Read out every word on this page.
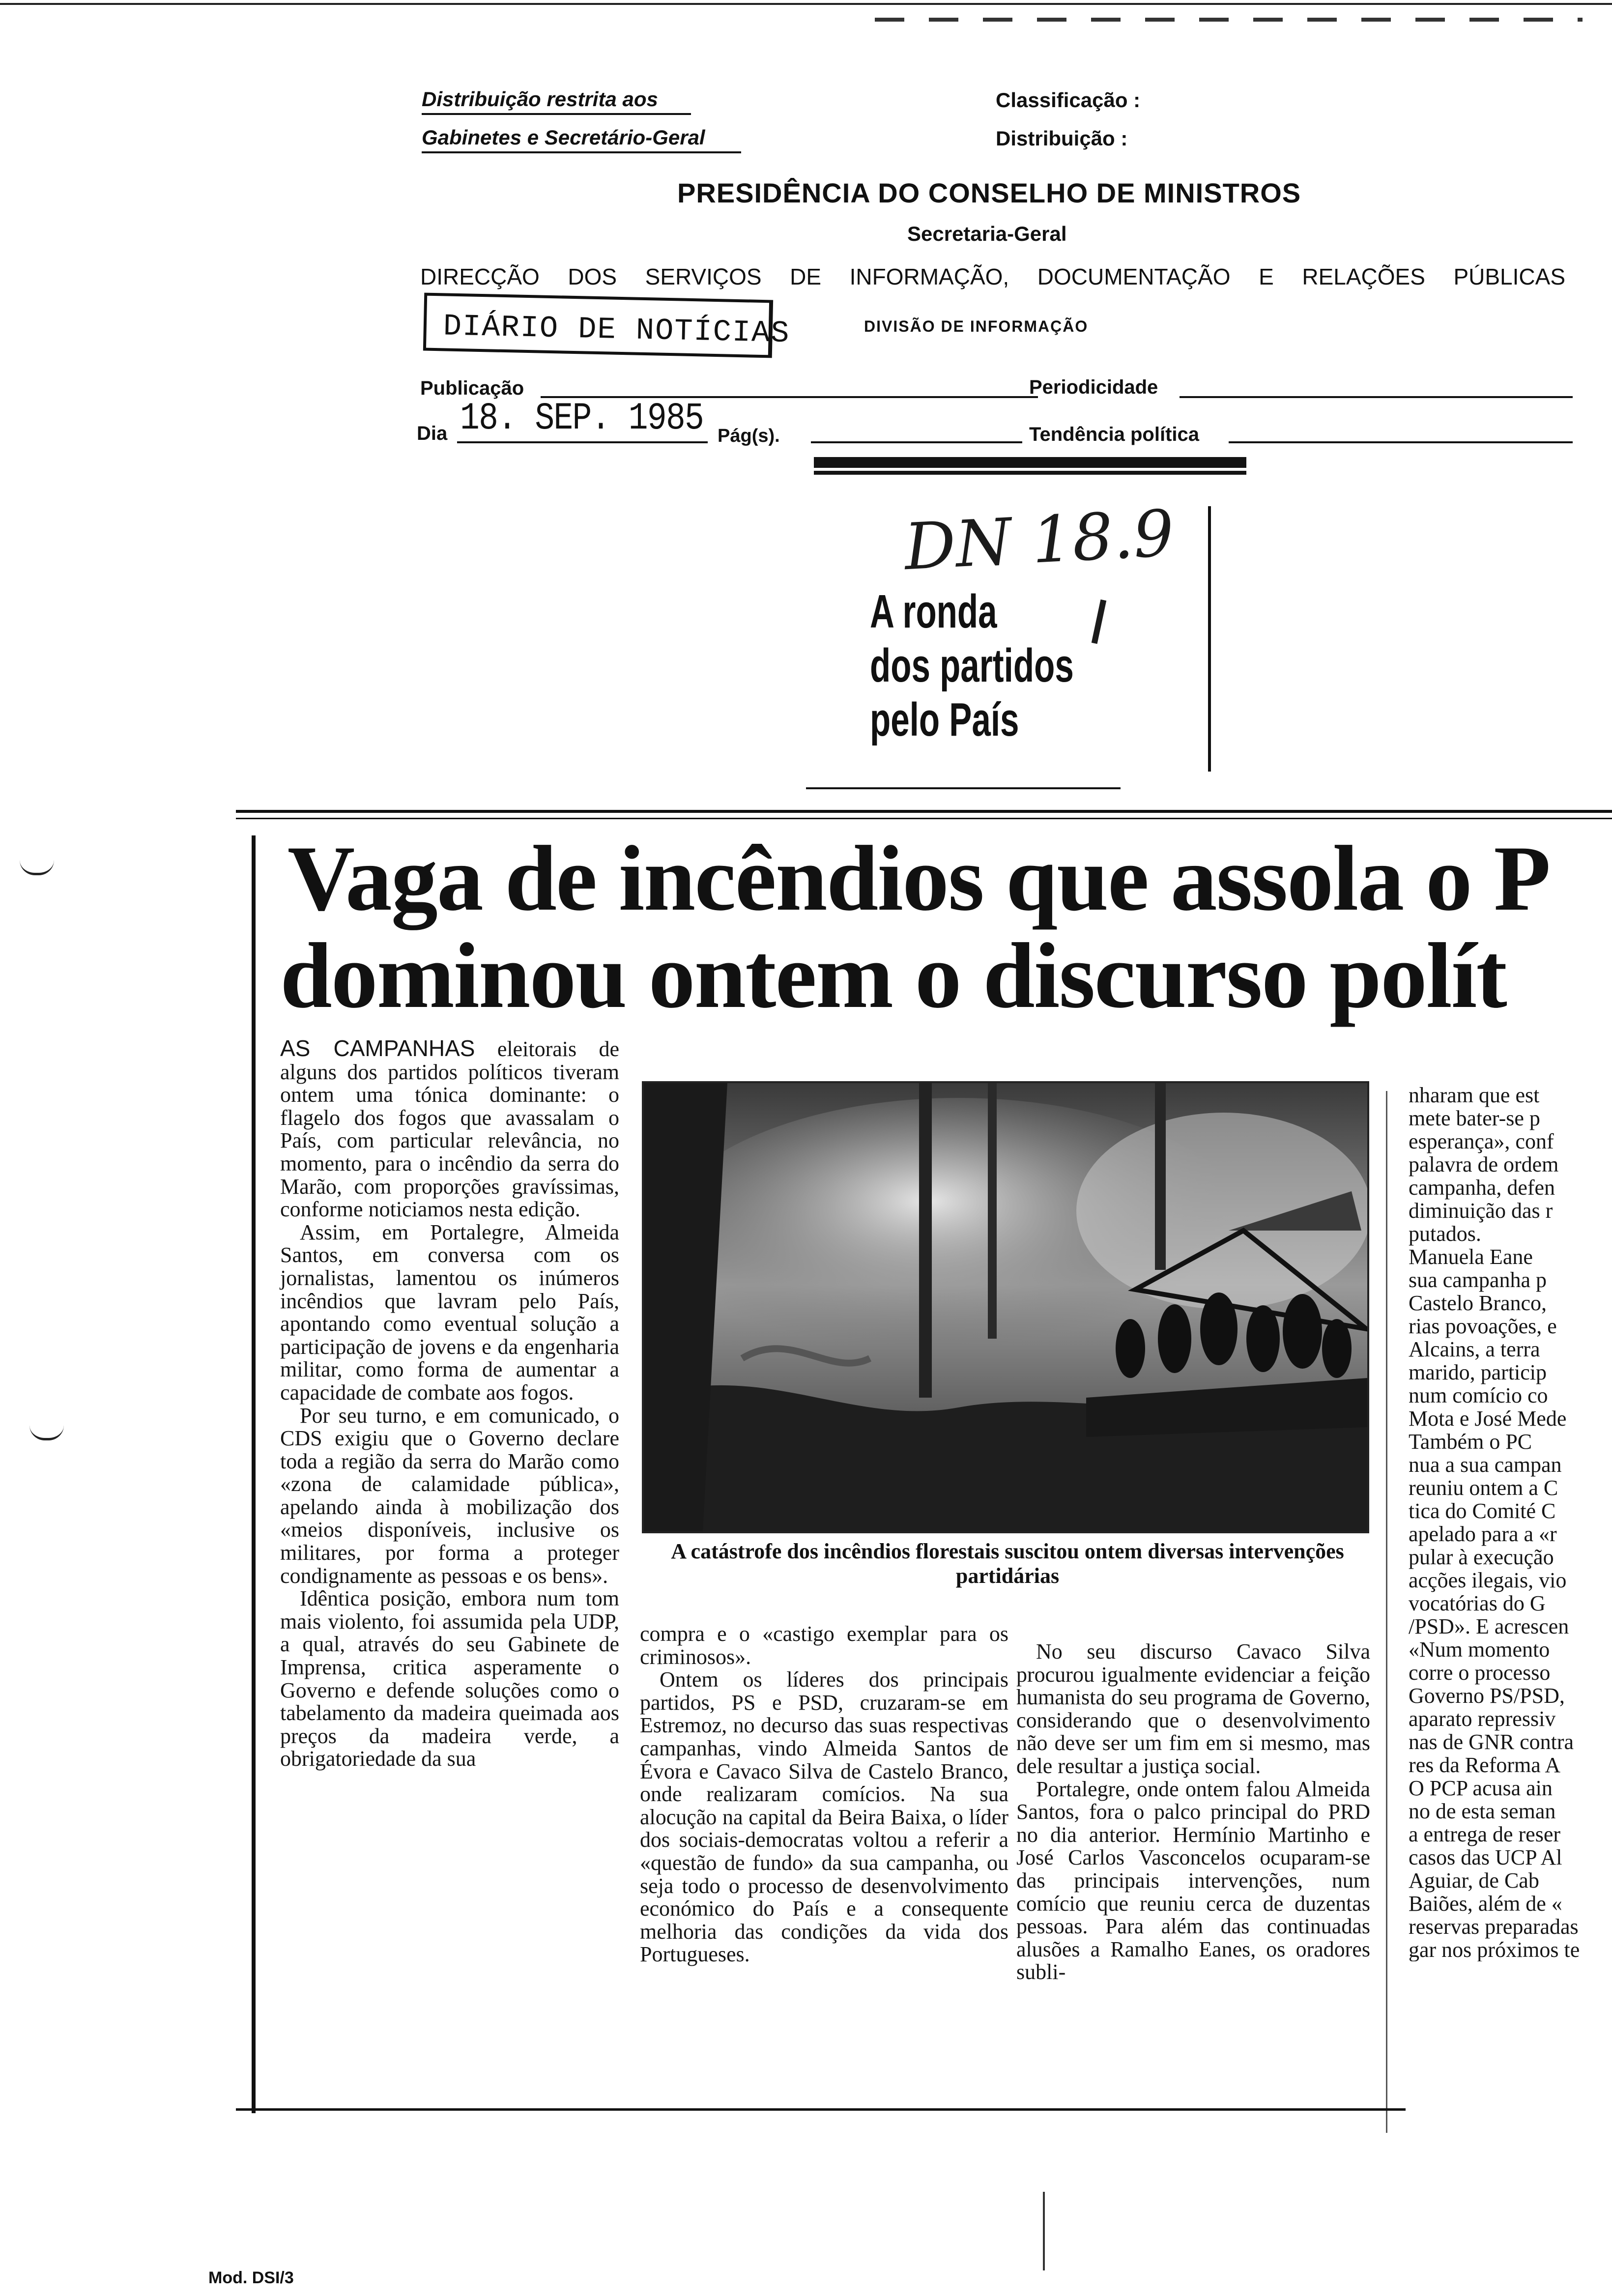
Distribuição restrita aos
Gabinetes e Secretário-Geral
Classificação :
Distribuição :
PRESIDÊNCIA DO CONSELHO DE MINISTROS
Secretaria-Geral
DIRECÇÃO DOS SERVIÇOS DE INFORMAÇÃO, DOCUMENTAÇÃO E RELAÇÕES PÚBLICAS
DIÁRIO DE NOTÍCIAS	DIVISÃO DE INFORMAÇÃO
Publicação	Periodicidade
Dia 18. SEP. 1985 Pág(s).	Tendência política
DN 18.9
A ronda
dos partidos
pelo País
Vaga de incêndios que assola o P
dominou ontem o discurso polít

AS CAMPANHAS eleitorais de alguns dos partidos políticos tiveram ontem uma tónica dominante: o flagelo dos fogos que avassalam o País, com particular relevância, no momento, para o incêndio da serra do Marão, com proporções gravíssimas, conforme noticiamos nesta edição.

Assim, em Portalegre, Almeida Santos, em conversa com os jornalistas, lamentou os inúmeros incêndios que lavram pelo País, apontando como eventual solução a participação de jovens e da engenharia militar, como forma de aumentar a capacidade de combate aos fogos.

Por seu turno, e em comunicado, o CDS exigiu que o Governo declare toda a região da serra do Marão como «zona de calamidade pública», apelando ainda à mobilização dos «meios disponíveis, inclusive os militares, por forma a proteger condignamente as pessoas e os bens».

Idêntica posição, embora num tom mais violento, foi assumida pela UDP, a qual, através do seu Gabinete de Imprensa, critica asperamente o Governo e defende soluções como o tabelamento da madeira queimada aos preços da madeira verde, a obrigatoriedade da sua

A catástrofe dos incêndios florestais suscitou ontem diversas intervenções partidárias

compra e o «castigo exemplar para os criminosos».

Ontem os líderes dos principais partidos, PS e PSD, cruzaram-se em Estremoz, no decurso das suas respectivas campanhas, vindo Almeida Santos de Évora e Cavaco Silva de Castelo Branco, onde realizaram comícios. Na sua alocução na capital da Beira Baixa, o líder dos sociais-democratas voltou a referir a «questão de fundo» da sua campanha, ou seja todo o processo de desenvolvimento económico do País e a consequente melhoria das condições da vida dos Portugueses.

No seu discurso Cavaco Silva procurou igualmente evidenciar a feição humanista do seu programa de Governo, considerando que o desenvolvimento não deve ser um fim em si mesmo, mas dele resultar a justiça social.

Portalegre, onde ontem falou Almeida Santos, fora o palco principal do PRD no dia anterior. Hermínio Martinho e José Carlos Vasconcelos ocuparam-se das principais intervenções, num comício que reuniu cerca de duzentas pessoas. Para além das continuadas alusões a Ramalho Eanes, os oradores subli-

nharam que est
mete bater-se p
esperança», conf
palavra de ordem
campanha, defen
diminuição das r
putados.
Manuela Eane
sua campanha p
Castelo Branco,
rias povoações, e
Alcains, a terra
marido, particip
num comício co
Mota e José Mede
Também o PC
nua a sua campan
reuniu ontem a C
tica do Comité C
apelado para a «r
pular à execução
acções ilegais, vio
vocatórias do G
/PSD». E acrescen
«Num momento
corre o processo
Governo PS/PSD,
aparato repressiv
nas de GNR contra
res da Reforma A
O PCP acusa ain
no de esta seman
a entrega de reser
casos das UCP Al
Aguiar, de Cab
Baiões, além de «
reservas preparadas
gar nos próximos te
Mod. DSI/3
